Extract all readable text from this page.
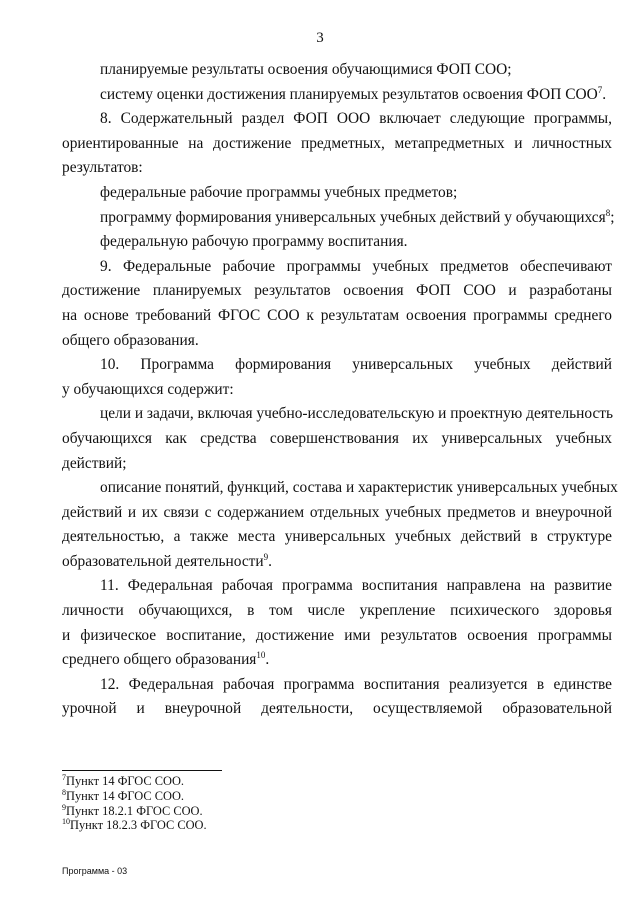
3
планируемые результаты освоения обучающимися ФОП СОО;
систему оценки достижения планируемых результатов освоения ФОП СОО$^7$.
8. Содержательный раздел ФОП ООО включает следующие программы,
ориентированные на достижение предметных, метапредметных и личностных
результатов:
федеральные рабочие программы учебных предметов;
программу формирования универсальных учебных действий у обучающихся$^8$;
федеральную рабочую программу воспитания.
9. Федеральные рабочие программы учебных предметов обеспечивают
достижение планируемых результатов освоения ФОП СОО и разработаны
на основе требований ФГОС СОО к результатам освоения программы среднего
общего образования.
10. Программа формирования универсальных учебных действий
у обучающихся содержит:
цели и задачи, включая учебно-исследовательскую и проектную деятельность
обучающихся как средства совершенствования их универсальных учебных
действий;
описание понятий, функций, состава и характеристик универсальных учебных
действий и их связи с содержанием отдельных учебных предметов и внеурочной
деятельностью, а также места универсальных учебных действий в структуре
образовательной деятельности$^9$.
11. Федеральная рабочая программа воспитания направлена на развитие
личности обучающихся, в том числе укрепление психического здоровья
и физическое воспитание, достижение ими результатов освоения программы
среднего общего образования$^{10}$.
12. Федеральная рабочая программа воспитания реализуется в единстве
урочной и внеурочной деятельности, осуществляемой образовательной
$^7$Пункт 14 ФГОС СОО.
$^8$Пункт 14 ФГОС СОО.
$^9$Пункт 18.2.1 ФГОС СОО.
$^{10}$Пункт 18.2.3 ФГОС СОО.
Программа - 03
